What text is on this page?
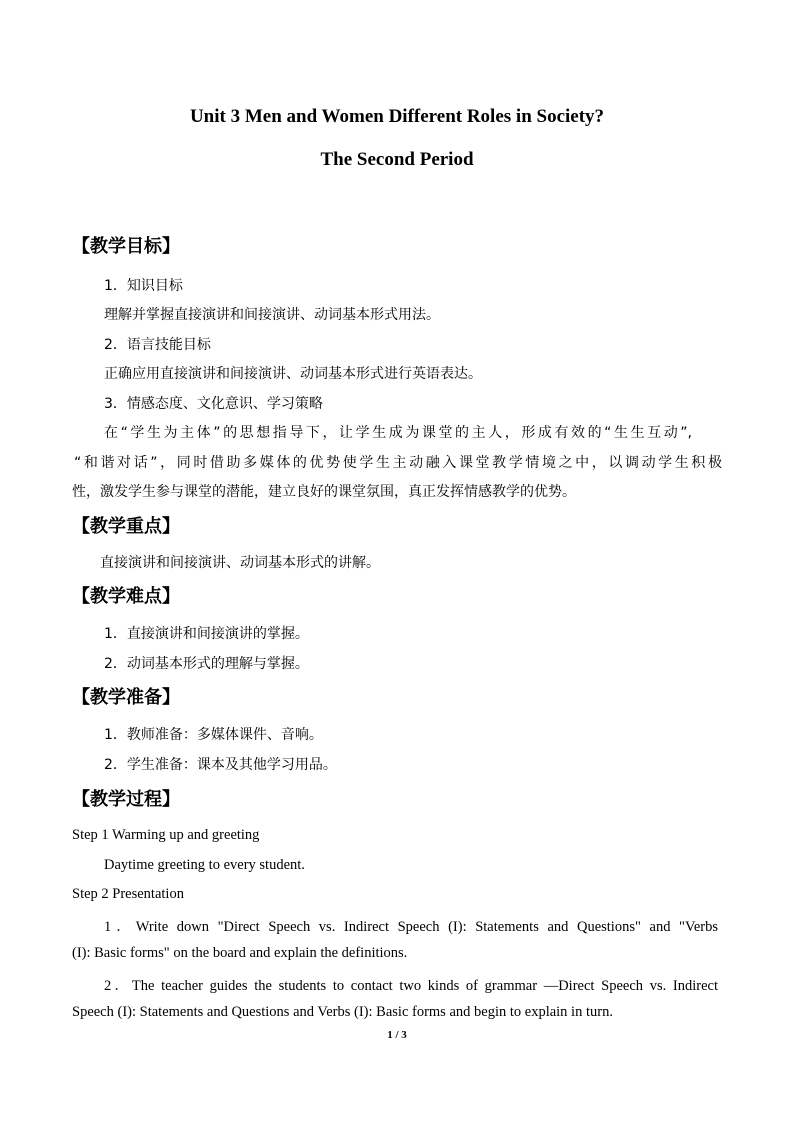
Unit 3 Men and Women Different Roles in Society?
The Second Period
【教学目标】
1．知识目标
理解并掌握直接演讲和间接演讲、动词基本形式用法。
2．语言技能目标
正确应用直接演讲和间接演讲、动词基本形式进行英语表达。
3．情感态度、文化意识、学习策略
在“学生为主体”的思想指导下，让学生成为课堂的主人，形成有效的“生生互动”,
“和谐对话”，同时借助多媒体的优势使学生主动融入课堂教学情境之中，以调动学生积极
性，激发学生参与课堂的潜能，建立良好的课堂氛围，真正发挥情感教学的优势。
【教学重点】
直接演讲和间接演讲、动词基本形式的讲解。
【教学难点】
1．直接演讲和间接演讲的掌握。
2．动词基本形式的理解与掌握。
【教学准备】
1．教师准备：多媒体课件、音响。
2．学生准备：课本及其他学习用品。
【教学过程】
Step 1 Warming up and greeting
Daytime greeting to every student.
Step 2 Presentation
1．Write down "Direct Speech vs. Indirect Speech (I): Statements and Questions" and "Verbs
(I): Basic forms" on the board and explain the definitions.
2．The teacher guides the students to contact two kinds of grammar —Direct Speech vs. Indirect
Speech (I): Statements and Questions and Verbs (I): Basic forms and begin to explain in turn.
1 / 3
